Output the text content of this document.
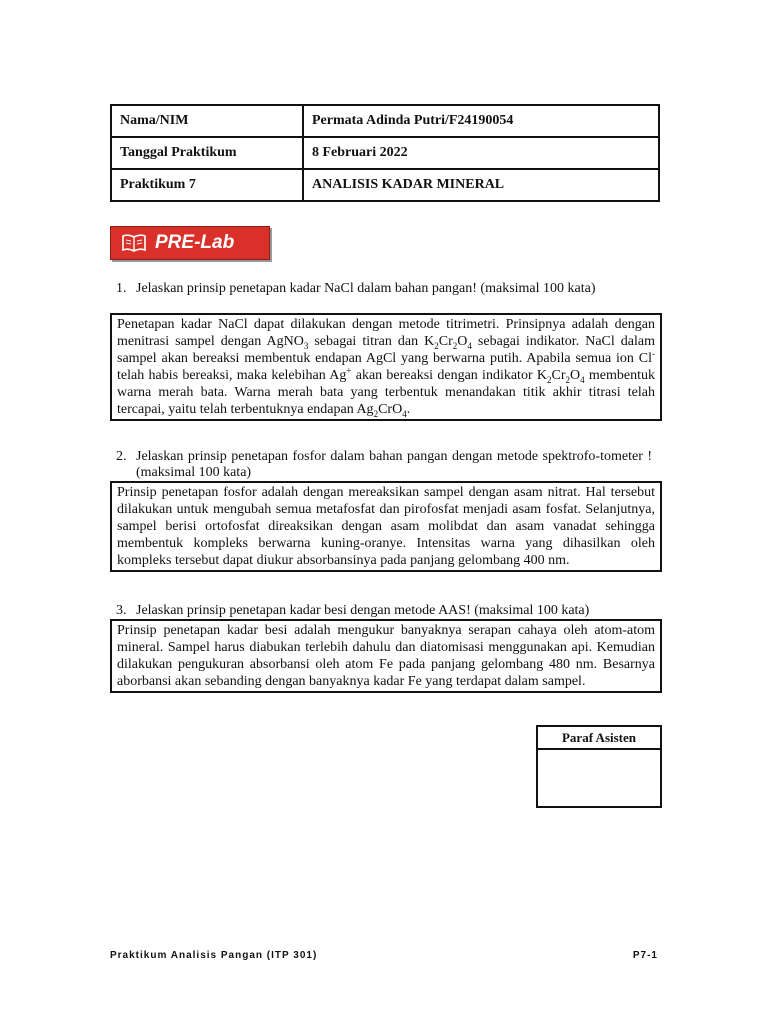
Nama/NIM	Permata Adinda Putri/F24190054
Tanggal Praktikum	8 Februari 2022
Praktikum 7	ANALISIS KADAR MINERAL
PRE-Lab
1. Jelaskan prinsip penetapan kadar NaCl dalam bahan pangan! (maksimal 100 kata)
Penetapan kadar NaCl dapat dilakukan dengan metode titrimetri. Prinsipnya adalah dengan menitrasi sampel dengan AgNO$_3$ sebagai titran dan $K_2Cr_2O_4$ sebagai indikator. NaCl dalam sampel akan bereaksi membentuk endapan AgCl yang berwarna putih. Apabila semua ion Cl- telah habis bereaksi, maka kelebihan Ag+ akan bereaksi dengan indikator $K_2Cr_2O_4$ membentuk warna merah bata. Warna merah bata yang terbentuk menandakan titik akhir titrasi telah tercapai, yaitu telah terbentuknya endapan $Ag_2CrO_4$.
2. Jelaskan prinsip penetapan fosfor dalam bahan pangan dengan metode spektrofo-tometer ! (maksimal 100 kata)
Prinsip penetapan fosfor adalah dengan mereaksikan sampel dengan asam nitrat. Hal tersebut dilakukan untuk mengubah semua metafosfat dan pirofosfat menjadi asam fosfat. Selanjutnya, sampel berisi ortofosfat direaksikan dengan asam molibdat dan asam vanadat sehingga membentuk kompleks berwarna kuning-oranye. Intensitas warna yang dihasilkan oleh kompleks tersebut dapat diukur absorbansinya pada panjang gelombang 400 nm.
3. Jelaskan prinsip penetapan kadar besi dengan metode AAS! (maksimal 100 kata)
Prinsip penetapan kadar besi adalah mengukur banyaknya serapan cahaya oleh atom-atom mineral. Sampel harus diabukan terlebih dahulu dan diatomisasi menggunakan api. Kemudian dilakukan pengukuran absorbansi oleh atom Fe pada panjang gelombang 480 nm. Besarnya aborbansi akan sebanding dengan banyaknya kadar Fe yang terdapat dalam sampel.
Paraf Asisten
Praktikum Analisis Pangan (ITP 301)	P7-1
